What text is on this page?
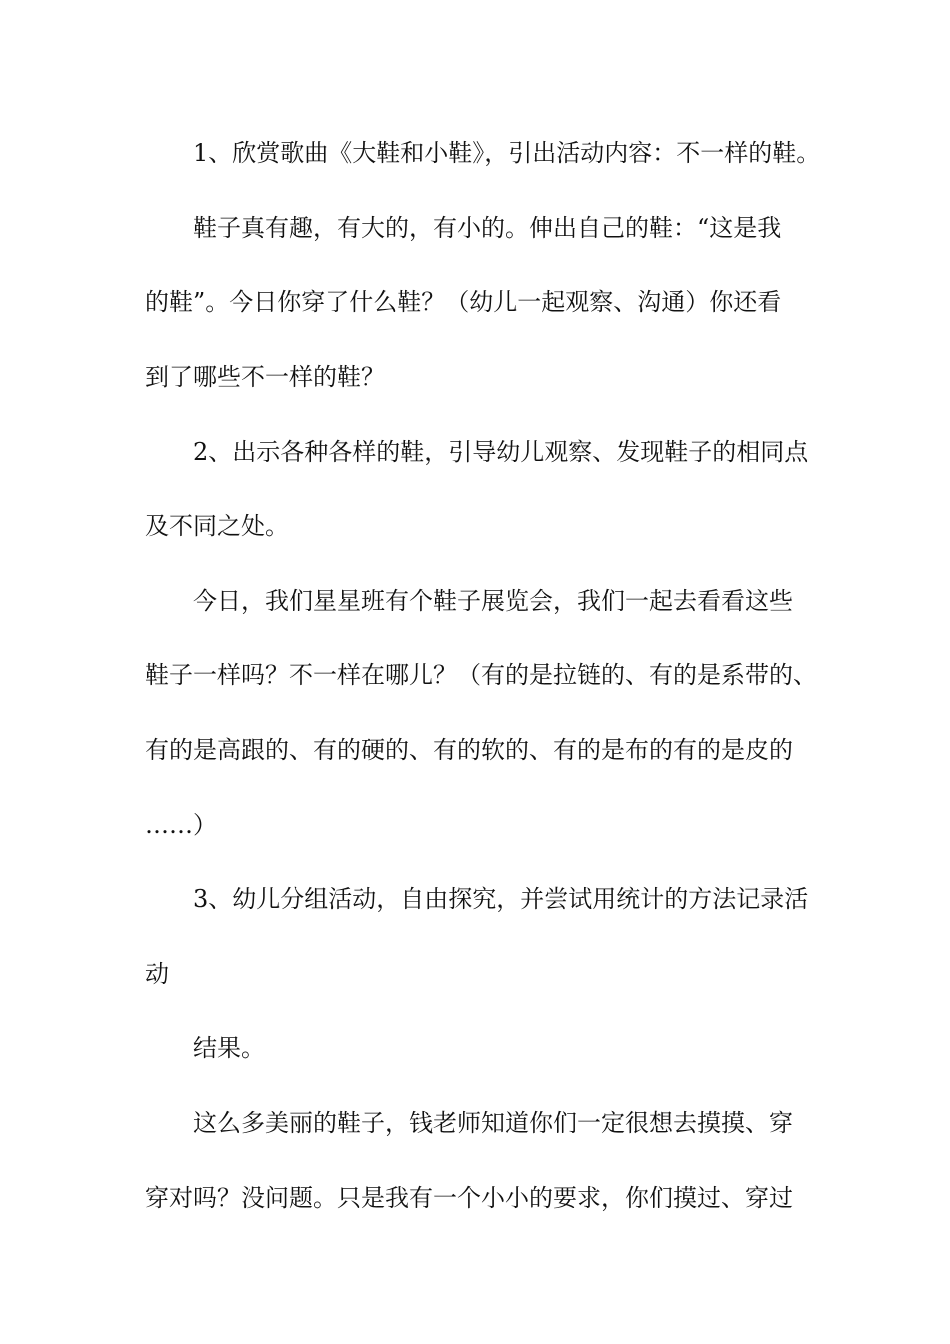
1、欣赏歌曲《大鞋和小鞋》，引出活动内容：不一样的鞋。
鞋子真有趣，有大的，有小的。伸出自己的鞋：“这是我
的鞋”。今日你穿了什么鞋？（幼儿一起观察、沟通）你还看
到了哪些不一样的鞋？
2、出示各种各样的鞋，引导幼儿观察、发现鞋子的相同点
及不同之处。
今日，我们星星班有个鞋子展览会，我们一起去看看这些
鞋子一样吗？不一样在哪儿？（有的是拉链的、有的是系带的、
有的是高跟的、有的硬的、有的软的、有的是布的有的是皮的
……）
3、幼儿分组活动，自由探究，并尝试用统计的方法记录活
动
结果。
这么多美丽的鞋子，钱老师知道你们一定很想去摸摸、穿
穿对吗？没问题。只是我有一个小小的要求，你们摸过、穿过
